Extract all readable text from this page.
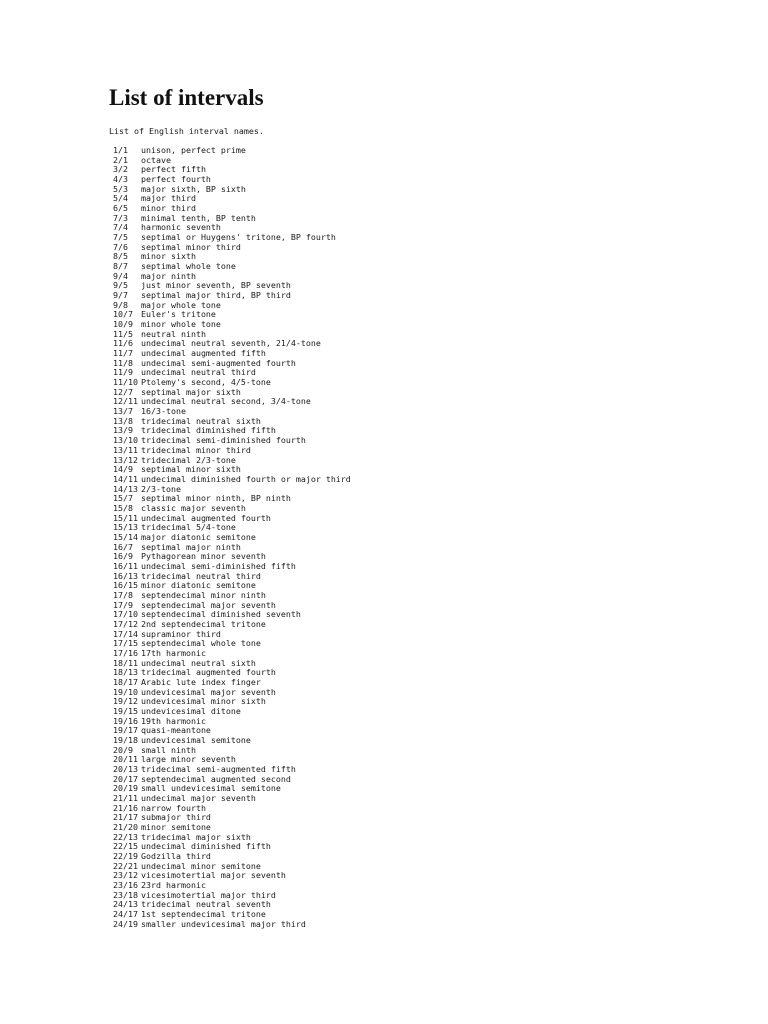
List of intervals

List of English interval names.

1/1 unison, perfect prime
2/1 octave
3/2 perfect fifth
4/3 perfect fourth
5/3 major sixth, BP sixth
5/4 major third
6/5 minor third
7/3 minimal tenth, BP tenth
7/4 harmonic seventh
7/5 septimal or Huygens' tritone, BP fourth
7/6 septimal minor third
8/5 minor sixth
8/7 septimal whole tone
9/4 major ninth
9/5 just minor seventh, BP seventh
9/7 septimal major third, BP third
9/8 major whole tone
10/7 Euler's tritone
10/9 minor whole tone
11/5 neutral ninth
11/6 undecimal neutral seventh, 21/4-tone
11/7 undecimal augmented fifth
11/8 undecimal semi-augmented fourth
11/9 undecimal neutral third
11/10 Ptolemy's second, 4/5-tone
12/7 septimal major sixth
12/11 undecimal neutral second, 3/4-tone
13/7 16/3-tone
13/8 tridecimal neutral sixth
13/9 tridecimal diminished fifth
13/10 tridecimal semi-diminished fourth
13/11 tridecimal minor third
13/12 tridecimal 2/3-tone
14/9 septimal minor sixth
14/11 undecimal diminished fourth or major third
14/13 2/3-tone
15/7 septimal minor ninth, BP ninth
15/8 classic major seventh
15/11 undecimal augmented fourth
15/13 tridecimal 5/4-tone
15/14 major diatonic semitone
16/7 septimal major ninth
16/9 Pythagorean minor seventh
16/11 undecimal semi-diminished fifth
16/13 tridecimal neutral third
16/15 minor diatonic semitone
17/8 septendecimal minor ninth
17/9 septendecimal major seventh
17/10 septendecimal diminished seventh
17/12 2nd septendecimal tritone
17/14 supraminor third
17/15 septendecimal whole tone
17/16 17th harmonic
18/11 undecimal neutral sixth
18/13 tridecimal augmented fourth
18/17 Arabic lute index finger
19/10 undevicesimal major seventh
19/12 undevicesimal minor sixth
19/15 undevicesimal ditone
19/16 19th harmonic
19/17 quasi-meantone
19/18 undevicesimal semitone
20/9 small ninth
20/11 large minor seventh
20/13 tridecimal semi-augmented fifth
20/17 septendecimal augmented second
20/19 small undevicesimal semitone
21/11 undecimal major seventh
21/16 narrow fourth
21/17 submajor third
21/20 minor semitone
22/13 tridecimal major sixth
22/15 undecimal diminished fifth
22/19 Godzilla third
22/21 undecimal minor semitone
23/12 vicesimotertial major seventh
23/16 23rd harmonic
23/18 vicesimotertial major third
24/13 tridecimal neutral seventh
24/17 1st septendecimal tritone
24/19 smaller undevicesimal major third
